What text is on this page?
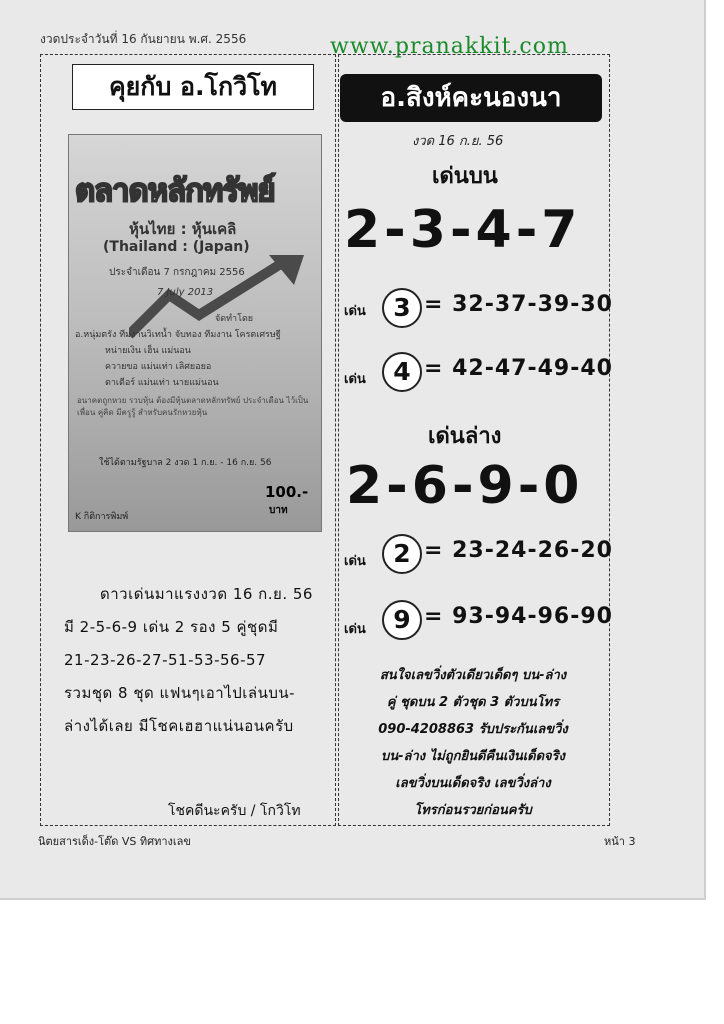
งวดประจำวันที่ 16 กันยายน พ.ศ. 2556	www.pranakkit.com
คุยกับ อ.โกวิโท
ตลาดหลักทรัพย์
หุ้นไทย : หุ้นเคลิ
(Thailand : (Japan)
ประจำเดือน 7 กรกฎาคม 2556
7 July 2013
จัดทำโดย
อ.หนุ่มตรัง ทีมงานวิเทน้ำ จับทอง ทีมงาน โครตเศรษฐี
หน่ายเงิน เฮ็น แม่นอน
ควายขอ แม่นเท่า เลิศยอยอ
ตาเตีอร์ แม่นเท่า นายแม่นอน
อนาคตถูกหวย รวบหุ้น ต้องมีหุ้นตลาดหลักทรัพย์ ประจำเดือน ไว้เป็นเพื่อน คู่คิด มีครูรู้ สำหรับคนรักหวยหุ้น
ใช้ได้ตามรัฐบาล 2 งวด 1 ก.ย. - 16 ก.ย. 56
100.-
บาท
K กิติการพิมพ์
ดาวเด่นมาแรงงวด 16 ก.ย. 56
มี 2-5-6-9 เด่น 2 รอง 5 คู่ชุดมี
21-23-26-27-51-53-56-57
รวมชุด 8 ชุด แฟนๆเอาไปเล่นบน-
ล่างได้เลย มีโชคเฮฮาแน่นอนครับ
โชคดีนะครับ / โกวิโท
อ.สิงห์คะนองนา
งวด 16 ก.ย. 56
เด่นบน
2-3-4-7
เด่น	3 = 32-37-39-30
เด่น	4 = 42-47-49-40
เด่นล่าง
2-6-9-0
เด่น	2 = 23-24-26-20
เด่น	9 = 93-94-96-90
สนใจเลขวิ่งตัวเดียวเด็ดๆ บน-ล่าง
คู่ ชุดบน 2 ตัวชุด 3 ตัวบนโทร
090-4208863 รับประกันเลขวิ่ง
บน-ล่าง ไม่ถูกยินดีคืนเงินเด็ดจริง
เลขวิ่งบนเด็ดจริง เลขวิ่งล่าง
โทรก่อนรวยก่อนครับ
นิตยสารเด็ง-โต๊ด VS ทิศทางเลข	หน้า 3
